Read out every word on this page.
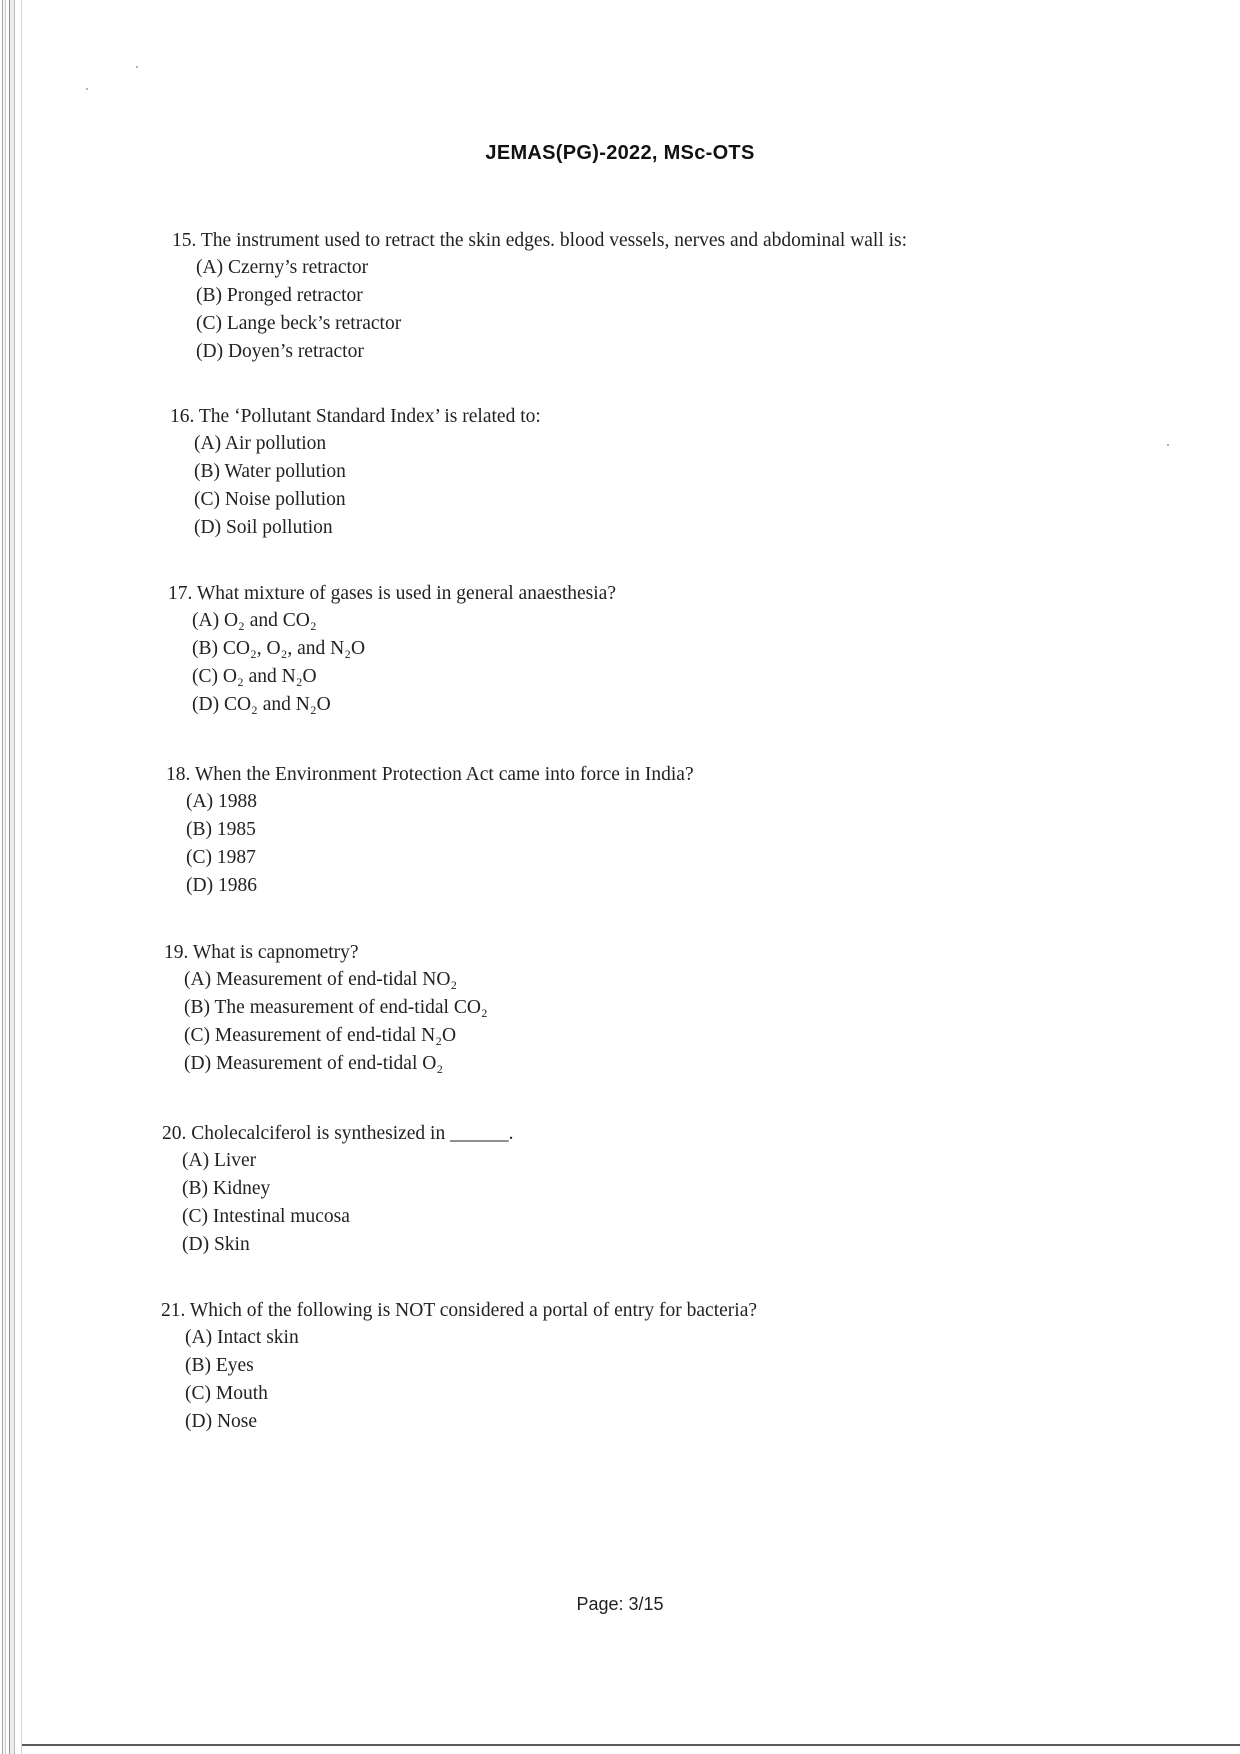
JEMAS(PG)-2022, MSc-OTS
15. The instrument used to retract the skin edges. blood vessels, nerves and abdominal wall is:
(A) Czerny’s retractor
(B) Pronged retractor
(C) Lange beck’s retractor
(D) Doyen’s retractor
16. The ‘Pollutant Standard Index’ is related to:
(A) Air pollution
(B) Water pollution
(C) Noise pollution
(D) Soil pollution
17. What mixture of gases is used in general anaesthesia?
(A) O₂ and CO₂
(B) CO₂, O₂, and N₂O
(C) O₂ and N₂O
(D) CO₂ and N₂O
18. When the Environment Protection Act came into force in India?
(A) 1988
(B) 1985
(C) 1987
(D) 1986
19. What is capnometry?
(A) Measurement of end-tidal NO₂
(B) The measurement of end-tidal CO₂
(C) Measurement of end-tidal N₂O
(D) Measurement of end-tidal O₂
20. Cholecalciferol is synthesized in ______.
(A) Liver
(B) Kidney
(C) Intestinal mucosa
(D) Skin
21. Which of the following is NOT considered a portal of entry for bacteria?
(A) Intact skin
(B) Eyes
(C) Mouth
(D) Nose
Page: 3/15
